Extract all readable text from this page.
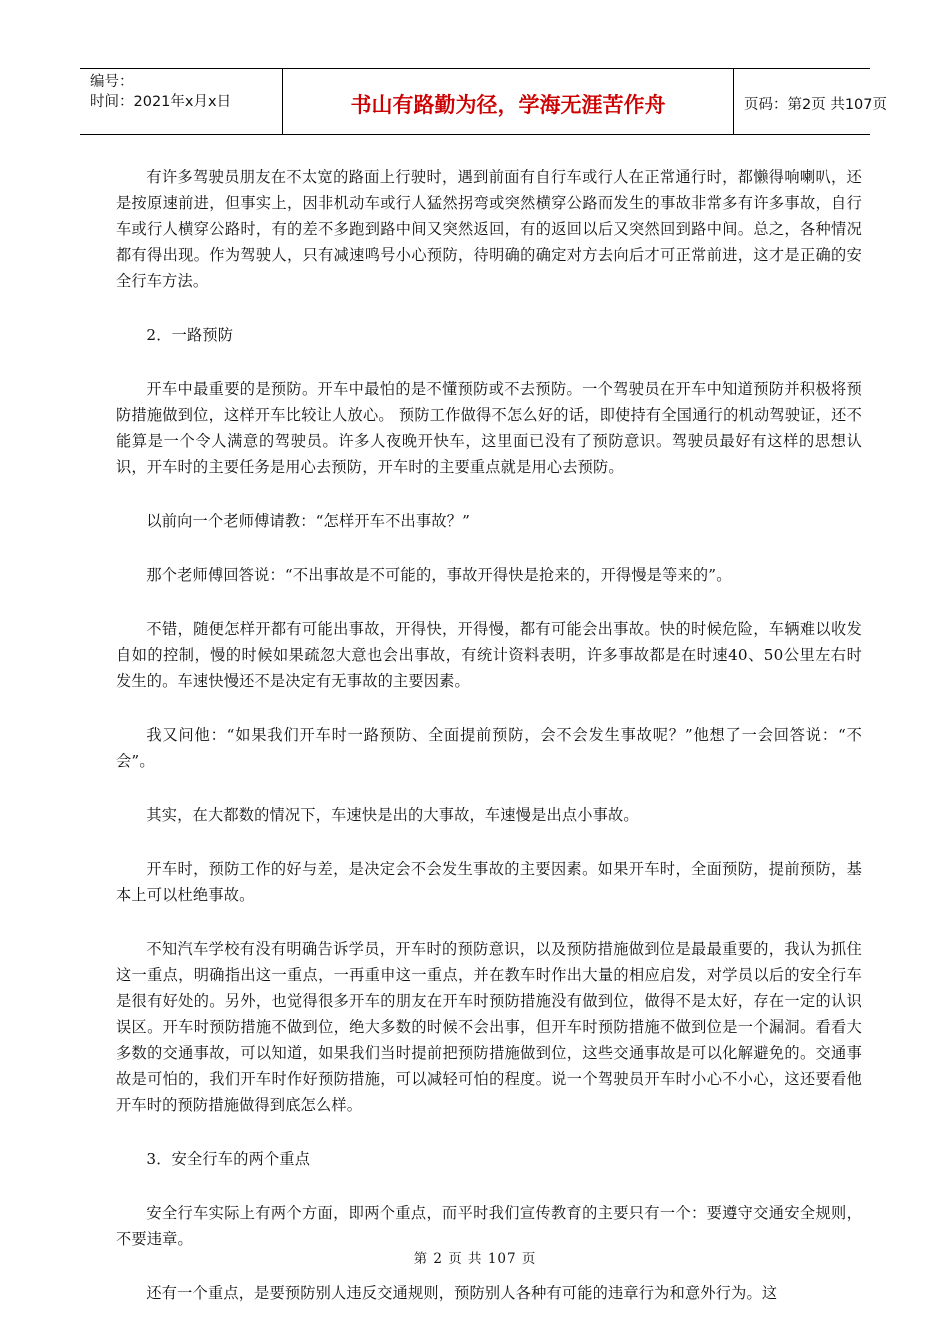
编号：
时间：2021年x月x日	书山有路勤为径，学海无涯苦作舟	页码：第2页 共107页

有许多驾驶员朋友在不太宽的路面上行驶时，遇到前面有自行车或行人在正常通行时，都懒得响喇叭，还是按原速前进，但事实上，因非机动车或行人猛然拐弯或突然横穿公路而发生的事故非常多有许多事故，自行车或行人横穿公路时，有的差不多跑到路中间又突然返回，有的返回以后又突然回到路中间。总之，各种情况都有得出现。作为驾驶人，只有减速鸣号小心预防，待明确的确定对方去向后才可正常前进，这才是正确的安全行车方法。

2．一路预防

开车中最重要的是预防。开车中最怕的是不懂预防或不去预防。一个驾驶员在开车中知道预防并积极将预防措施做到位，这样开车比较让人放心。 预防工作做得不怎么好的话，即使持有全国通行的机动驾驶证，还不能算是一个令人满意的驾驶员。许多人夜晚开快车，这里面已没有了预防意识。驾驶员最好有这样的思想认识，开车时的主要任务是用心去预防，开车时的主要重点就是用心去预防。

以前向一个老师傅请教：“怎样开车不出事故？”

那个老师傅回答说：“不出事故是不可能的，事故开得快是抢来的，开得慢是等来的”。

不错，随便怎样开都有可能出事故，开得快，开得慢，都有可能会出事故。快的时候危险，车辆难以收发自如的控制，慢的时候如果疏忽大意也会出事故，有统计资料表明，许多事故都是在时速40、50公里左右时发生的。车速快慢还不是决定有无事故的主要因素。

我又问他：“如果我们开车时一路预防、全面提前预防，会不会发生事故呢？”他想了一会回答说：“不会”。

其实，在大都数的情况下，车速快是出的大事故，车速慢是出点小事故。

开车时，预防工作的好与差，是决定会不会发生事故的主要因素。如果开车时，全面预防，提前预防，基本上可以杜绝事故。

不知汽车学校有没有明确告诉学员，开车时的预防意识，以及预防措施做到位是最最重要的，我认为抓住这一重点，明确指出这一重点，一再重申这一重点，并在教车时作出大量的相应启发，对学员以后的安全行车是很有好处的。另外，也觉得很多开车的朋友在开车时预防措施没有做到位，做得不是太好，存在一定的认识误区。开车时预防措施不做到位，绝大多数的时候不会出事，但开车时预防措施不做到位是一个漏洞。看看大多数的交通事故，可以知道，如果我们当时提前把预防措施做到位，这些交通事故是可以化解避免的。交通事故是可怕的，我们开车时作好预防措施，可以减轻可怕的程度。说一个驾驶员开车时小心不小心，这还要看他开车时的预防措施做得到底怎么样。

3．安全行车的两个重点

安全行车实际上有两个方面，即两个重点，而平时我们宣传教育的主要只有一个：要遵守交通安全规则，不要违章。

还有一个重点，是要预防别人违反交通规则，预防别人各种有可能的违章行为和意外行为。这

第 2 页 共 107 页
